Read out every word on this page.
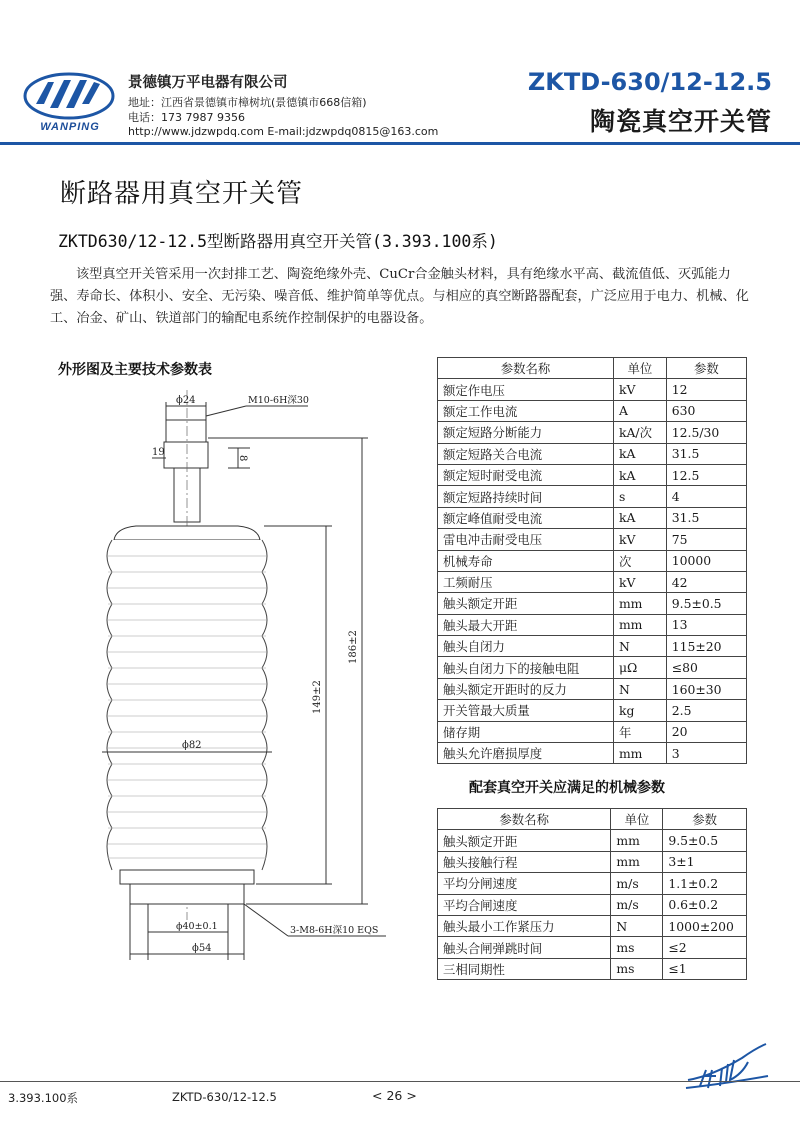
WANPING
景德镇万平电器有限公司
地址：江西省景德镇市樟树坑(景德镇市668信箱)
电话：173 7987 9356
http://www.jdzwpdq.com E-mail:jdzwpdq0815@163.com
ZKTD-630/12-12.5
陶瓷真空开关管
断路器用真空开关管
ZKTD630/12-12.5型断路器用真空开关管(3.393.100系)
该型真空开关管采用一次封排工艺、陶瓷绝缘外壳、CuCr合金触头材料，具有绝缘水平高、截流值低、灭弧能力强、寿命长、体积小、安全、无污染、噪音低、维护简单等优点。与相应的真空断路器配套，广泛应用于电力、机械、化工、冶金、矿山、铁道部门的输配电系统作控制保护的电器设备。
外形图及主要技术参数表
ϕ24	M10-6H深30
19
8
186±2
149±2
ϕ82
ϕ40±0.1
ϕ54
3-M8-6H深10 EQS
参数名称	单位	参数
额定作电压	kV	12
额定工作电流	A	630
额定短路分断能力	kA/次	12.5/30
额定短路关合电流	kA	31.5
额定短时耐受电流	kA	12.5
额定短路持续时间	s	4
额定峰值耐受电流	kA	31.5
雷电冲击耐受电压	kV	75
机械寿命	次	10000
工频耐压	kV	42
触头额定开距	mm	9.5±0.5
触头最大开距	mm	13
触头自闭力	N	115±20
触头自闭力下的接触电阻	μΩ	≤80
触头额定开距时的反力	N	160±30
开关管最大质量	kg	2.5
储存期	年	20
触头允许磨损厚度	mm	3
配套真空开关应满足的机械参数
参数名称	单位	参数
触头额定开距	mm	9.5±0.5
触头接触行程	mm	3±1
平均分闸速度	m/s	1.1±0.2
平均合闸速度	m/s	0.6±0.2
触头最小工作紧压力	N	1000±200
触头合闸弹跳时间	ms	≤2
三相同期性	ms	≤1
3.393.100系	ZKTD-630/12-12.5	< 26 >
